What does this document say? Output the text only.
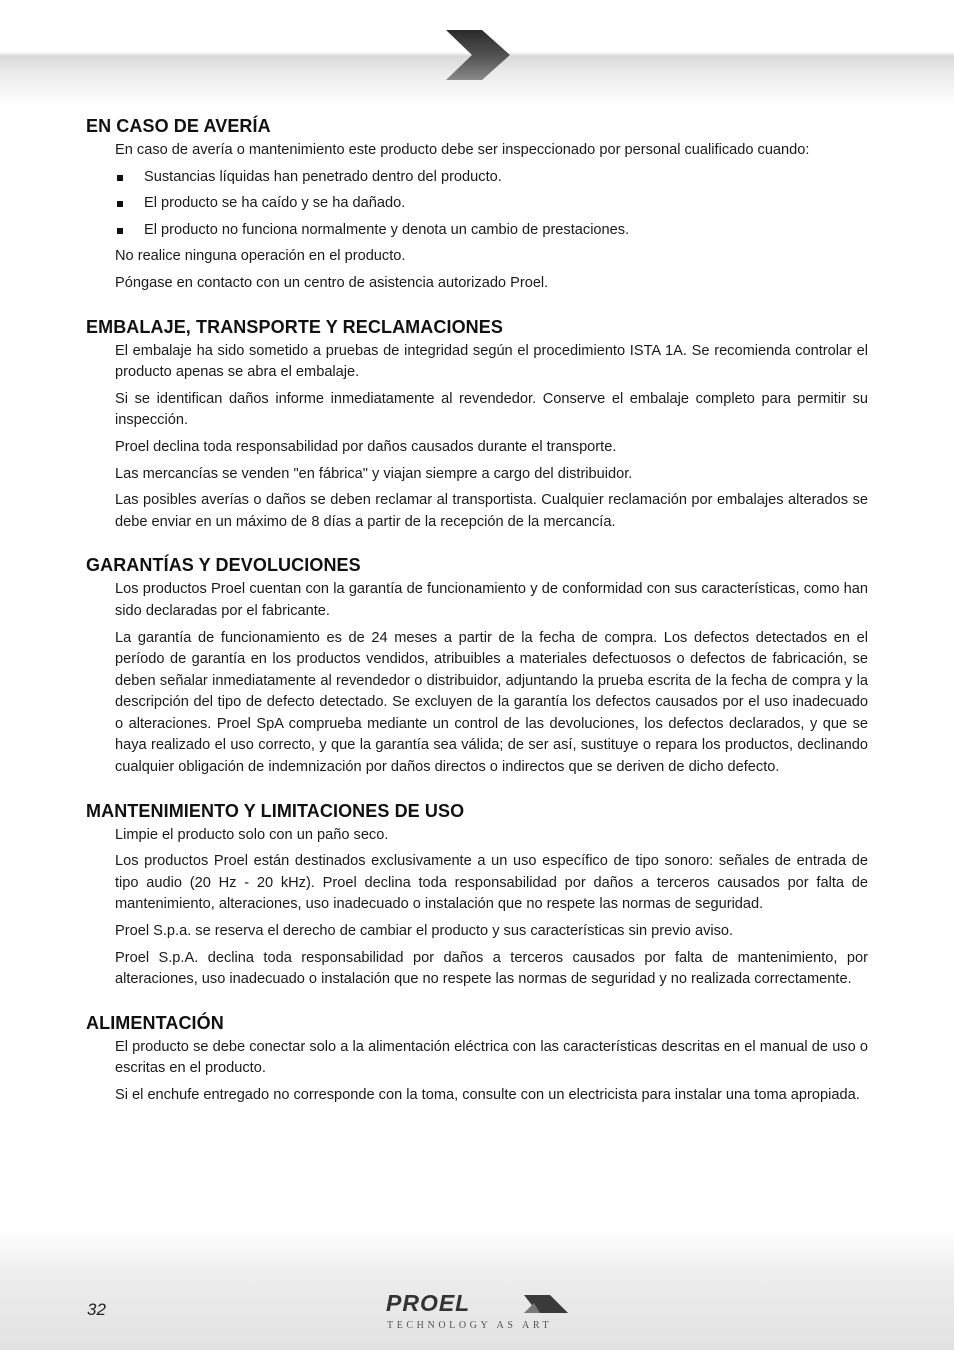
EN CASO DE AVERÍA

En caso de avería o mantenimiento este producto debe ser inspeccionado por personal cualificado cuando:

Sustancias líquidas han penetrado dentro del producto.
El producto se ha caído y se ha dañado.
El producto no funciona normalmente y denota un cambio de prestaciones.

No realice ninguna operación en el producto.

Póngase en contacto con un centro de asistencia autorizado Proel.

EMBALAJE, TRANSPORTE Y RECLAMACIONES

El embalaje ha sido sometido a pruebas de integridad según el procedimiento ISTA 1A. Se recomienda controlar el producto apenas se abra el embalaje.

Si se identifican daños informe inmediatamente al revendedor. Conserve el embalaje completo para permitir su inspección.

Proel declina toda responsabilidad por daños causados durante el transporte.

Las mercancías se venden "en fábrica" y viajan siempre a cargo del distribuidor.

Las posibles averías o daños se deben reclamar al transportista. Cualquier reclamación por embalajes alterados se debe enviar en un máximo de 8 días a partir de la recepción de la mercancía.

GARANTÍAS Y DEVOLUCIONES

Los productos Proel cuentan con la garantía de funcionamiento y de conformidad con sus características, como han sido declaradas por el fabricante.

La garantía de funcionamiento es de 24 meses a partir de la fecha de compra. Los defectos detectados en el período de garantía en los productos vendidos, atribuibles a materiales defectuosos o defectos de fabricación, se deben señalar inmediatamente al revendedor o distribuidor, adjuntando la prueba escrita de la fecha de compra y la descripción del tipo de defecto detectado. Se excluyen de la garantía los defectos causados por el uso inadecuado o alteraciones. Proel SpA comprueba mediante un control de las devoluciones, los defectos declarados, y que se haya realizado el uso correcto, y que la garantía sea válida; de ser así, sustituye o repara los productos, declinando cualquier obligación de indemnización por daños directos o indirectos que se deriven de dicho defecto.

MANTENIMIENTO Y LIMITACIONES DE USO

Limpie el producto solo con un paño seco.

Los productos Proel están destinados exclusivamente a un uso específico de tipo sonoro: señales de entrada de tipo audio (20 Hz - 20 kHz). Proel declina toda responsabilidad por daños a terceros causados por falta de mantenimiento, alteraciones, uso inadecuado o instalación que no respete las normas de seguridad.

Proel S.p.a. se reserva el derecho de cambiar el producto y sus características sin previo aviso.

Proel S.p.A. declina toda responsabilidad por daños a terceros causados por falta de mantenimiento, por alteraciones, uso inadecuado o instalación que no respete las normas de seguridad y no realizada correctamente.

ALIMENTACIÓN

El producto se debe conectar solo a la alimentación eléctrica con las características descritas en el manual de uso o escritas en el producto.

Si el enchufe entregado no corresponde con la toma, consulte con un electricista para instalar una toma apropiada.

32	PROEL
TECHNOLOGY AS ART
